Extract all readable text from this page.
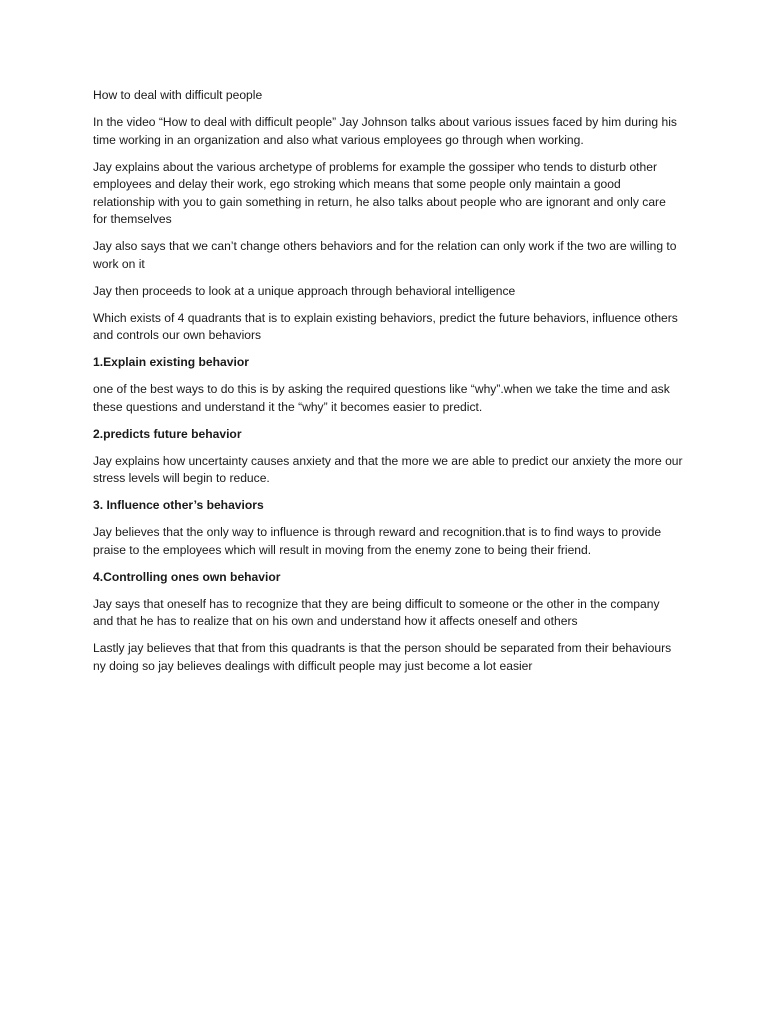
How to deal with difficult people

In the video “How to deal with difficult people” Jay Johnson talks about various issues faced by him during his time working in an organization and also what various employees go through when working.

Jay explains about the various archetype of problems for example the gossiper who tends to disturb other employees and delay their work, ego stroking which means that some people only maintain a good relationship with you to gain something in return, he also talks about people who are ignorant and only care for themselves

Jay also says that we can’t change others behaviors and for the relation can only work if the two are willing to work on it

Jay then proceeds to look at a unique approach through behavioral intelligence

Which exists of 4 quadrants that is to explain existing behaviors, predict the future behaviors, influence others and controls our own behaviors

1.Explain existing behavior

one of the best ways to do this is by asking the required questions like “why”.when we take the time and ask these questions and understand it the “why” it becomes easier to predict.

2.predicts future behavior

Jay explains how uncertainty causes anxiety and that the more we are able to predict our anxiety the more our stress levels will begin to reduce.

3. Influence other’s behaviors

Jay believes that the only way to influence is through reward and recognition.that is to find ways to provide praise to the employees which will result in moving from the enemy zone to being their friend.

4.Controlling ones own behavior

Jay says that oneself has to recognize that they are being difficult to someone or the other in the company and that he has to realize that on his own and understand how it affects oneself and others

Lastly jay believes that that from this quadrants is that the person should be separated from their behaviours ny doing so jay believes dealings with difficult people may just become a lot easier
